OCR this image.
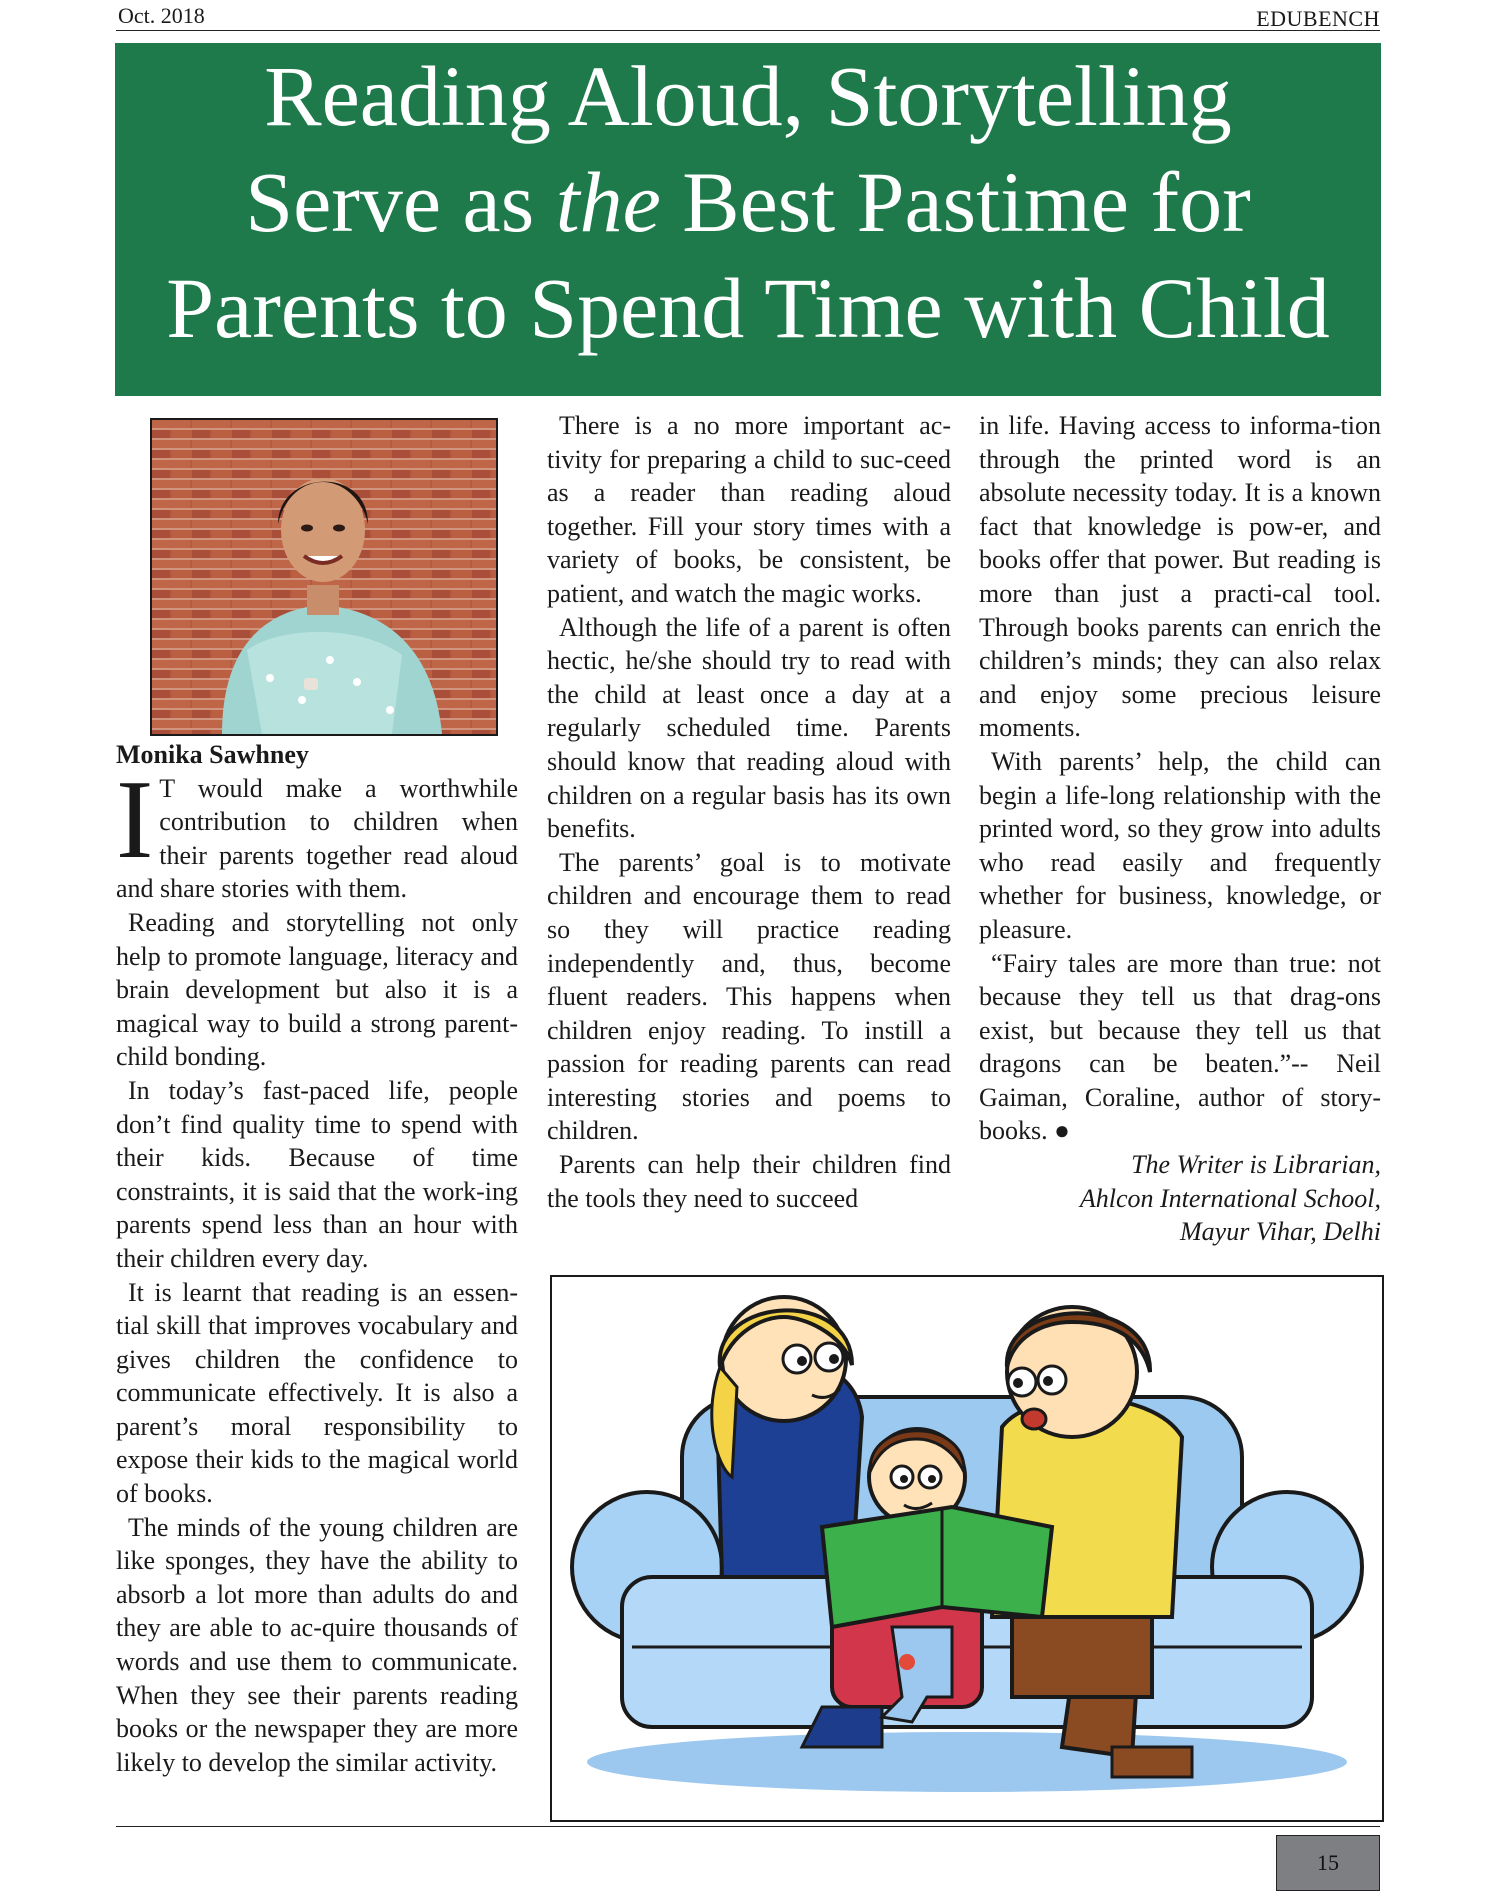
Oct. 2018	EDUBENCH
Reading Aloud, Storytelling
Serve as the Best Pastime for
Parents to Spend Time with Child

Monika Sawhney

I T would make a worthwhile contribution to children when their parents together read aloud and share stories with them.

Reading and storytelling not only help to promote language, literacy and brain development but also it is a magical way to build a strong parent-child bonding.

In today’s fast-paced life, people don’t find quality time to spend with their kids. Because of time constraints, it is said that the work-ing parents spend less than an hour with their children every day.

It is learnt that reading is an essen-tial skill that improves vocabulary and gives children the confidence to communicate effectively. It is also a parent’s moral responsibility to expose their kids to the magical world of books.

The minds of the young children are like sponges, they have the ability to absorb a lot more than adults do and they are able to ac-quire thousands of words and use them to communicate. When they see their parents reading books or the newspaper they are more likely to develop the similar activity.

There is a no more important ac-tivity for preparing a child to suc-ceed as a reader than reading aloud together. Fill your story times with a variety of books, be consistent, be patient, and watch the magic works.

Although the life of a parent is often hectic, he/she should try to read with the child at least once a day at a regularly scheduled time. Parents should know that reading aloud with children on a regular basis has its own benefits.

The parents’ goal is to motivate children and encourage them to read so they will practice reading independently and, thus, become fluent readers. This happens when children enjoy reading. To instill a passion for reading parents can read interesting stories and poems to children.

Parents can help their children find the tools they need to succeed

in life. Having access to informa-tion through the printed word is an absolute necessity today. It is a known fact that knowledge is pow-er, and books offer that power. But reading is more than just a practi-cal tool. Through books parents can enrich the children’s minds; they can also relax and enjoy some precious leisure moments.

With parents’ help, the child can begin a life-long relationship with the printed word, so they grow into adults who read easily and frequently whether for business, knowledge, or pleasure.

“Fairy tales are more than true: not because they tell us that drag-ons exist, but because they tell us that dragons can be beaten.”-- Neil Gaiman, Coraline, author of story-books. ●

The Writer is Librarian,
Ahlcon International School,
Mayur Vihar, Delhi
15
